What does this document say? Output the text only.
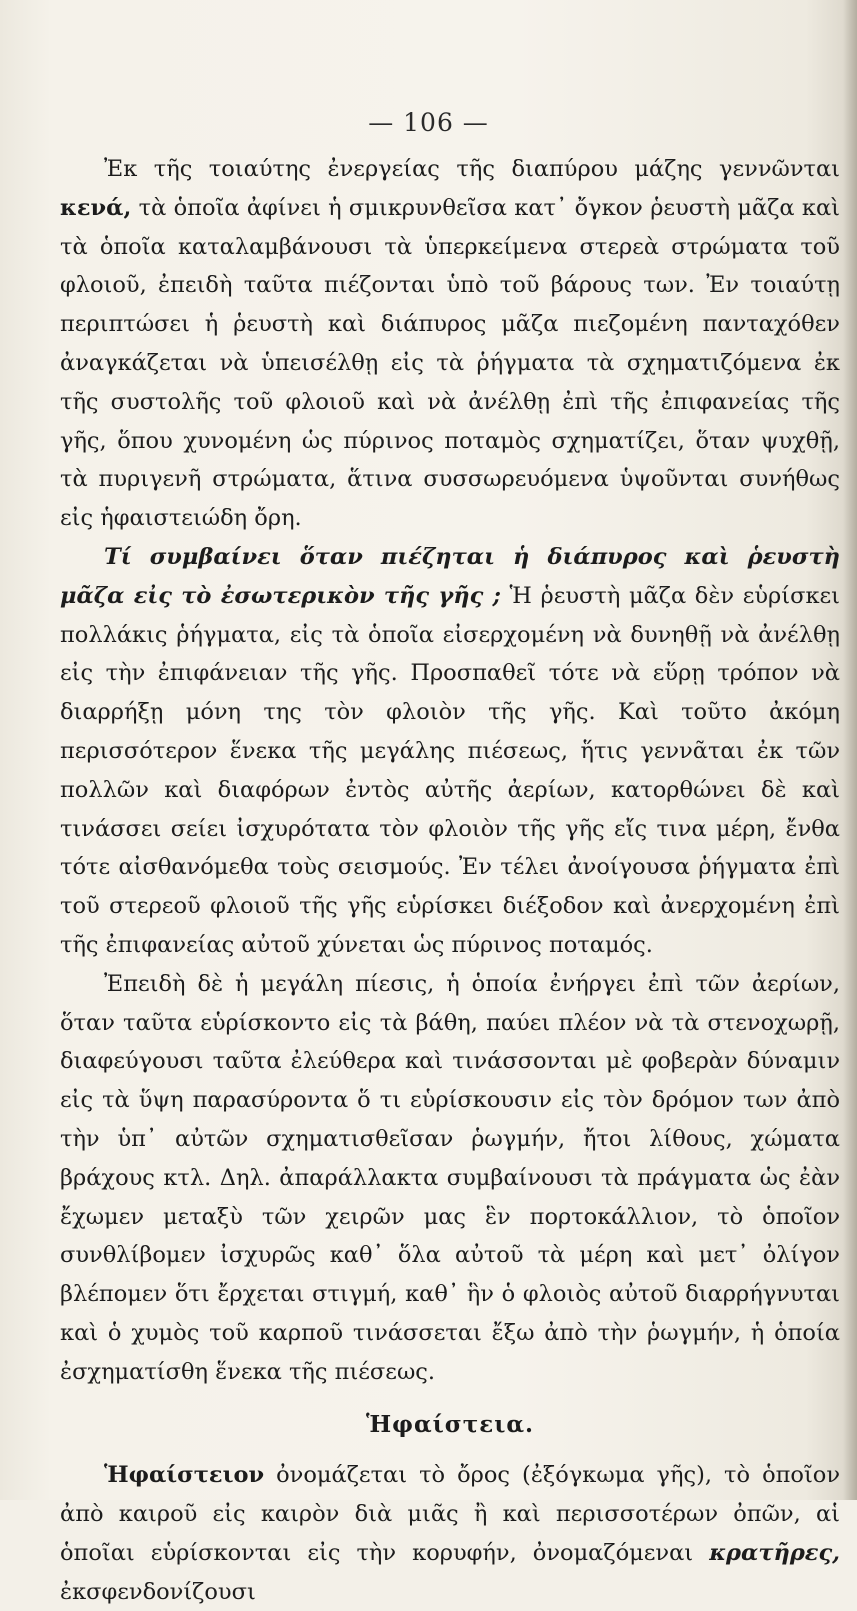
— 106 —

Ἐκ τῆς τοιαύτης ἐνεργείας τῆς διαπύρου μάζης γεννῶνται κενά, τὰ ὁποῖα ἀφίνει ἡ σμικρυνθεῖσα κατ᾽ ὄγκον ῥευστὴ μᾶζα καὶ τὰ ὁποῖα καταλαμβάνουσι τὰ ὑπερκείμενα στερεὰ στρώματα τοῦ φλοιοῦ, ἐπειδὴ ταῦτα πιέζονται ὑπὸ τοῦ βάρους των. Ἐν τοιαύτῃ περιπτώσει ἡ ῥευστὴ καὶ διάπυρος μᾶζα πιεζομένη πανταχόθεν ἀναγκάζεται νὰ ὑπεισέλθῃ εἰς τὰ ῥήγματα τὰ σχηματιζόμενα ἐκ τῆς συστολῆς τοῦ φλοιοῦ καὶ νὰ ἀνέλθῃ ἐπὶ τῆς ἐπιφανείας τῆς γῆς, ὅπου χυνομένη ὡς πύρινος ποταμὸς σχηματίζει, ὅταν ψυχθῇ, τὰ πυριγενῆ στρώματα, ἅτινα συσσωρευόμενα ὑψοῦνται συνήθως εἰς ἡφαιστειώδη ὄρη.

Τί συμβαίνει ὅταν πιέζηται ἡ διάπυρος καὶ ῥευστὴ μᾶζα εἰς τὸ ἐσωτερικὸν τῆς γῆς ; Ἡ ῥευστὴ μᾶζα δὲν εὑρίσκει πολλάκις ῥήγματα, εἰς τὰ ὁποῖα εἰσερχομένη νὰ δυνηθῇ νὰ ἀνέλθῃ εἰς τὴν ἐπιφάνειαν τῆς γῆς. Προσπαθεῖ τότε νὰ εὕρῃ τρόπον νὰ διαρρήξῃ μόνη της τὸν φλοιὸν τῆς γῆς. Καὶ τοῦτο ἀκόμη περισσότερον ἕνεκα τῆς μεγάλης πιέσεως, ἥτις γεννᾶται ἐκ τῶν πολλῶν καὶ διαφόρων ἐντὸς αὐτῆς ἀερίων, κατορθώνει δὲ καὶ τινάσσει σείει ἰσχυρότατα τὸν φλοιὸν τῆς γῆς εἴς τινα μέρη, ἔνθα τότε αἰσθανόμεθα τοὺς σεισμούς. Ἐν τέλει ἀνοίγουσα ῥήγματα ἐπὶ τοῦ στερεοῦ φλοιοῦ τῆς γῆς εὑρίσκει διέξοδον καὶ ἀνερχομένη ἐπὶ τῆς ἐπιφανείας αὐτοῦ χύνεται ὡς πύρινος ποταμός.

Ἐπειδὴ δὲ ἡ μεγάλη πίεσις, ἡ ὁποία ἐνήργει ἐπὶ τῶν ἀερίων, ὅταν ταῦτα εὑρίσκοντο εἰς τὰ βάθη, παύει πλέον νὰ τὰ στενοχωρῇ, διαφεύγουσι ταῦτα ἐλεύθερα καὶ τινάσσονται μὲ φοβερὰν δύναμιν εἰς τὰ ὕψη παρασύροντα ὅ τι εὑρίσκουσιν εἰς τὸν δρόμον των ἀπὸ τὴν ὑπ᾽ αὐτῶν σχηματισθεῖσαν ῥωγμήν, ἤτοι λίθους, χώματα βράχους κτλ. Δηλ. ἀπαράλλακτα συμβαίνουσι τὰ πράγματα ὡς ἐὰν ἔχωμεν μεταξὺ τῶν χειρῶν μας ἓν πορτοκάλλιον, τὸ ὁποῖον συνθλίβομεν ἰσχυρῶς καθ᾽ ὅλα αὐτοῦ τὰ μέρη καὶ μετ᾽ ὀλίγον βλέπομεν ὅτι ἔρχεται στιγμή, καθ᾽ ἣν ὁ φλοιὸς αὐτοῦ διαρρήγνυται καὶ ὁ χυμὸς τοῦ καρποῦ τινάσσεται ἔξω ἀπὸ τὴν ῥωγμήν, ἡ ὁποία ἐσχηματίσθη ἕνεκα τῆς πιέσεως.

Ἡφαίστεια.

Ἡφαίστειον ὀνομάζεται τὸ ὄρος (ἐξόγκωμα γῆς), τὸ ὁποῖον ἀπὸ καιροῦ εἰς καιρὸν διὰ μιᾶς ἢ καὶ περισσοτέρων ὀπῶν, αἱ ὁποῖαι εὑρίσκονται εἰς τὴν κορυφήν, ὀνομαζόμεναι κρατῆρες, ἐκσφενδονίζουσι
